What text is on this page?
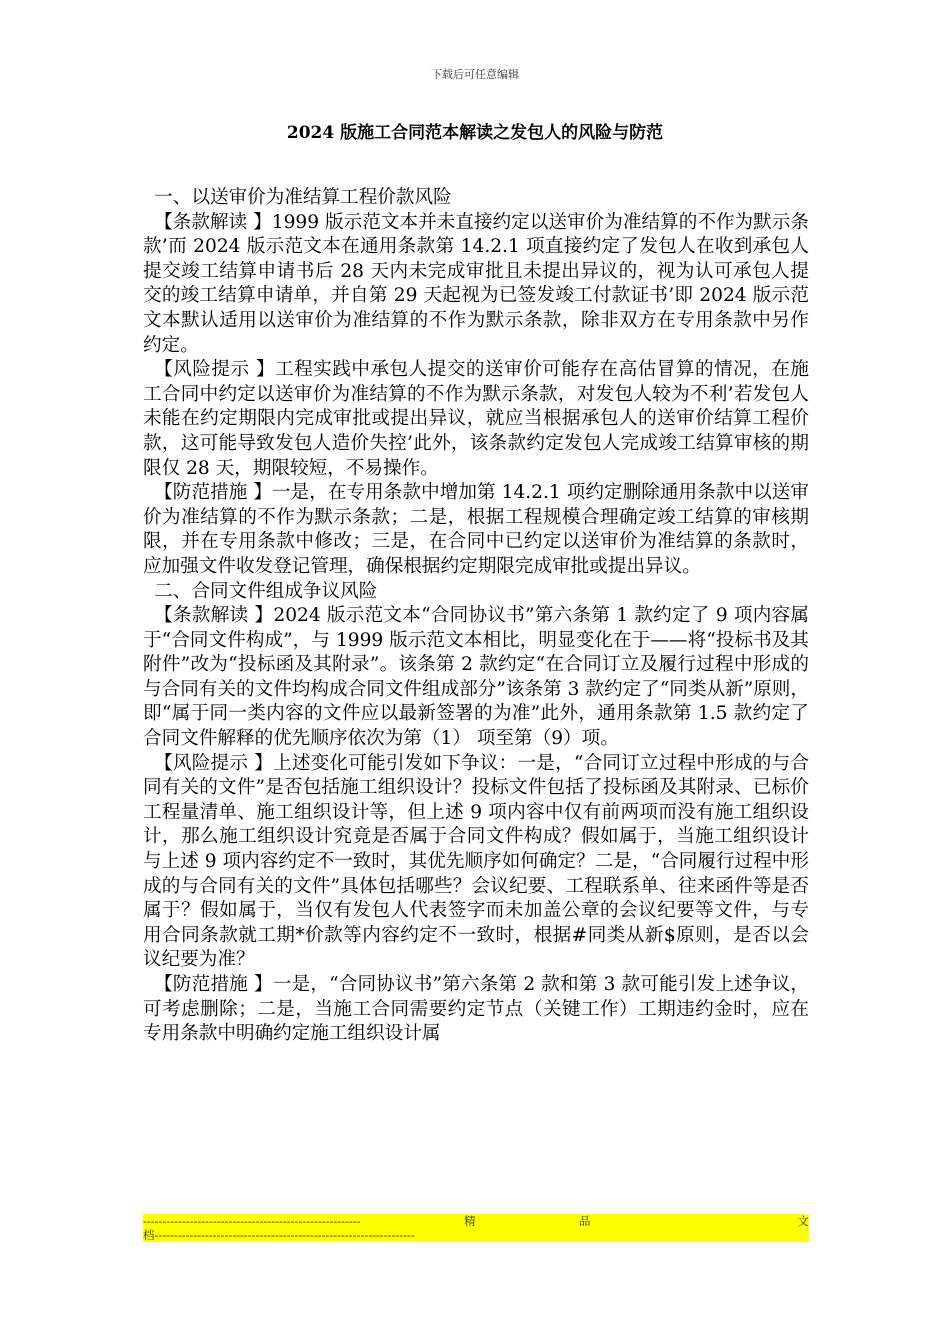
下载后可任意编辑
2024 版施工合同范本解读之发包人的风险与防范

一、以送审价为准结算工程价款风险

【条款解读 】1999 版示范文本并未直接约定以送审价为准结算的不作为默示条款’而 2024 版示范文本在通用条款第 14.2.1 项直接约定了发包人在收到承包人提交竣工结算申请书后 28 天内未完成审批且未提出异议的，视为认可承包人提交的竣工结算申请单，并自第 29 天起视为已签发竣工付款证书’即 2024 版示范文本默认适用以送审价为准结算的不作为默示条款，除非双方在专用条款中另作约定。

【风险提示 】工程实践中承包人提交的送审价可能存在高估冒算的情况，在施工合同中约定以送审价为准结算的不作为默示条款，对发包人较为不利’若发包人未能在约定期限内完成审批或提出异议，就应当根据承包人的送审价结算工程价款，这可能导致发包人造价失控’此外，该条款约定发包人完成竣工结算审核的期限仅 28 天，期限较短，不易操作。

【防范措施 】一是，在专用条款中增加第 14.2.1 项约定删除通用条款中以送审价为准结算的不作为默示条款；二是，根据工程规模合理确定竣工结算的审核期限，并在专用条款中修改；三是，在合同中已约定以送审价为准结算的条款时，应加强文件收发登记管理，确保根据约定期限完成审批或提出异议。

二、合同文件组成争议风险

【条款解读 】2024 版示范文本“合同协议书”第六条第 1 款约定了 9 项内容属于“合同文件构成”，与 1999 版示范文本相比，明显变化在于——将“投标书及其附件”改为“投标函及其附录”。该条第 2 款约定“在合同订立及履行过程中形成的与合同有关的文件均构成合同文件组成部分”该条第 3 款约定了“同类从新”原则，即“属于同一类内容的文件应以最新签署的为准”此外，通用条款第 1.5 款约定了合同文件解释的优先顺序依次为第（1） 项至第（9）项。

【风险提示 】上述变化可能引发如下争议：一是，“合同订立过程中形成的与合同有关的文件”是否包括施工组织设计？投标文件包括了投标函及其附录、已标价工程量清单、施工组织设计等，但上述 9 项内容中仅有前两项而没有施工组织设计，那么施工组织设计究竟是否属于合同文件构成？假如属于，当施工组织设计与上述 9 项内容约定不一致时，其优先顺序如何确定？二是，“合同履行过程中形成的与合同有关的文件”具体包括哪些？会议纪要、工程联系单、往来函件等是否属于？假如属于，当仅有发包人代表签字而未加盖公章的会议纪要等文件，与专用合同条款就工期*价款等内容约定不一致时，根据#同类从新$原则，是否以会议纪要为准？

【防范措施 】一是，“合同协议书”第六条第 2 款和第 3 款可能引发上述争议，可考虑删除；二是，当施工合同需要约定节点（关键工作）工期违约金时，应在专用条款中明确约定施工组织设计属

--------------------------------------------------------	精	品	文
档-------------------------------------------------------------------
